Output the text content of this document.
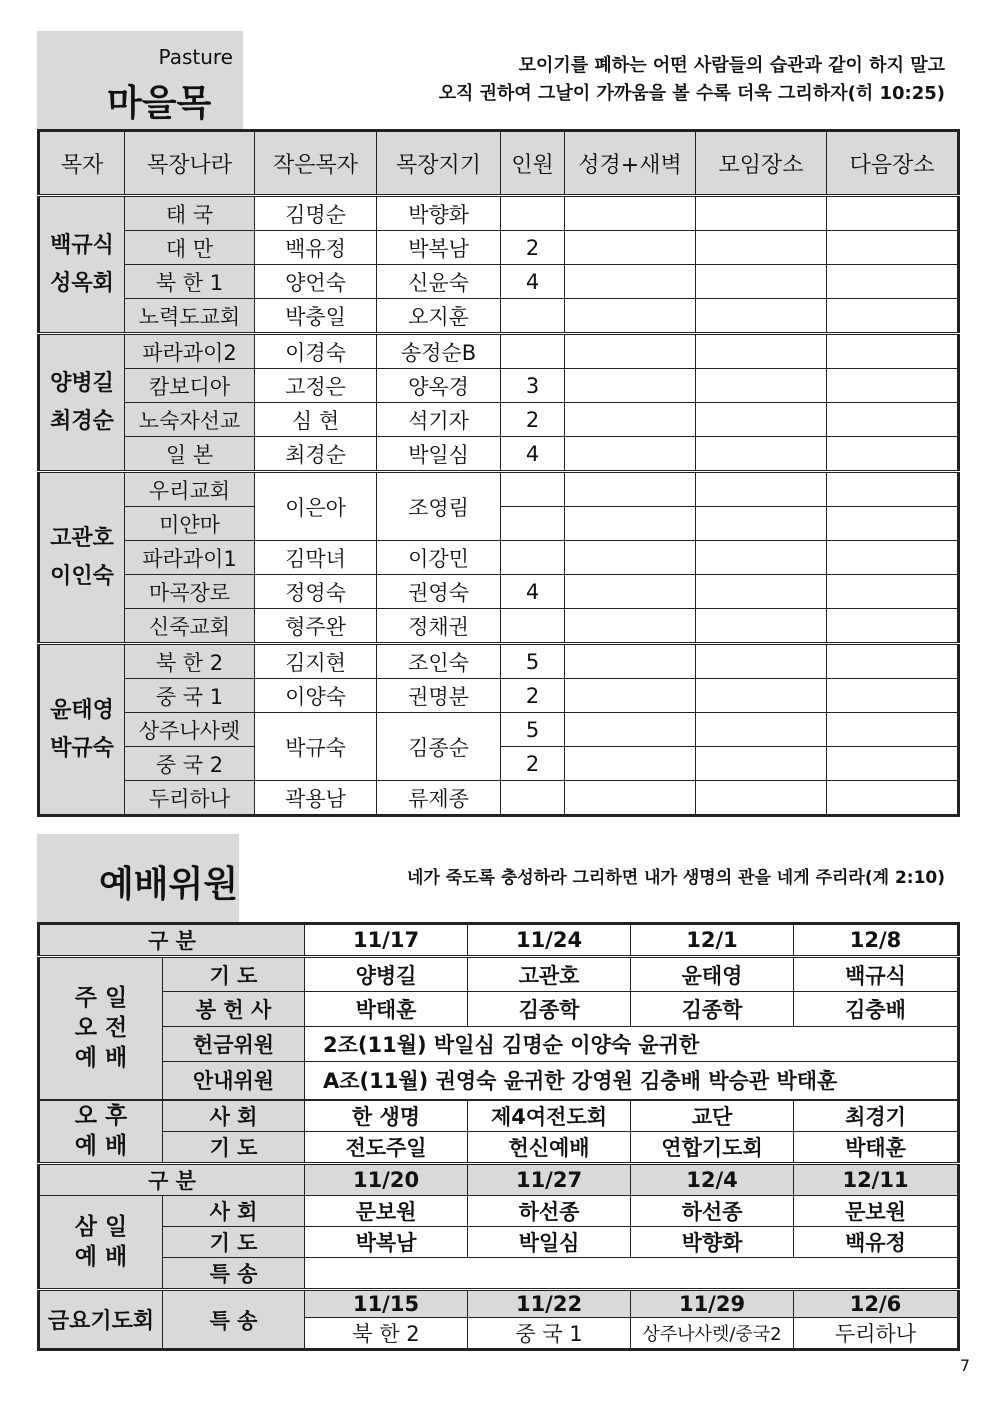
Pasture
마을목
모이기를 폐하는 어떤 사람들의 습관과 같이 하지 말고
오직 권하여 그날이 가까움을 볼 수록 더욱 그리하자(히 10:25)
목자	목장나라	작은목자	목장지기	인원	성경+새벽	모임장소	다음장소

백규식
성옥회	태 국	김명순	박향화				
	대 만	백유정	박복남	2			
	북 한 1	양언숙	신윤숙	4			
	노력도교회	박충일	오지훈				

양병길
최경순	파라과이2	이경숙	송정순B				
	캄보디아	고정은	양옥경	3			
	노숙자선교	심 현	석기자	2			
	일 본	최경순	박일심	4			

고관호
이인숙	우리교회	이은아	조영림				
	미얀마						
	파라과이1	김막녀	이강민				
	마곡장로	정영숙	권영숙	4			
	신죽교회	형주완	정채권				

윤태영
박규숙	북 한 2	김지현	조인숙	5			
	중 국 1	이양숙	권명분	2			
	상주나사렛	박규숙	김종순	5			
	중 국 2			2			
	두리하나	곽용남	류제종				
예배위원	네가 죽도록 충성하라 그리하면 내가 생명의 관을 네게 주리라(계 2:10)
구 분		11/17	11/24	12/1	12/8
주 일
오 전
예 배	기 도	양병길	고관호	윤태영	백규식
	봉 헌 사	박태훈	김종학	김종학	김충배
	헌금위원	2조(11월) 박일심 김명순 이양숙 윤귀한			
	안내위원	A조(11월) 권영숙 윤귀한 강영원 김충배 박승관 박태훈			
오 후
예 배	사 회	한 생명	제4여전도회	교단	최경기
	기 도	전도주일	헌신예배	연합기도회	박태훈
구 분		11/20	11/27	12/4	12/11
삼 일
예 배	사 회	문보원	하선종	하선종	문보원
	기 도	박복남	박일심	박향화	백유정
	특 송				
금요기도회	특 송	11/15	11/22	11/29	12/6
		북 한 2	중 국 1	상주나사렛/중국2	두리하나
7
